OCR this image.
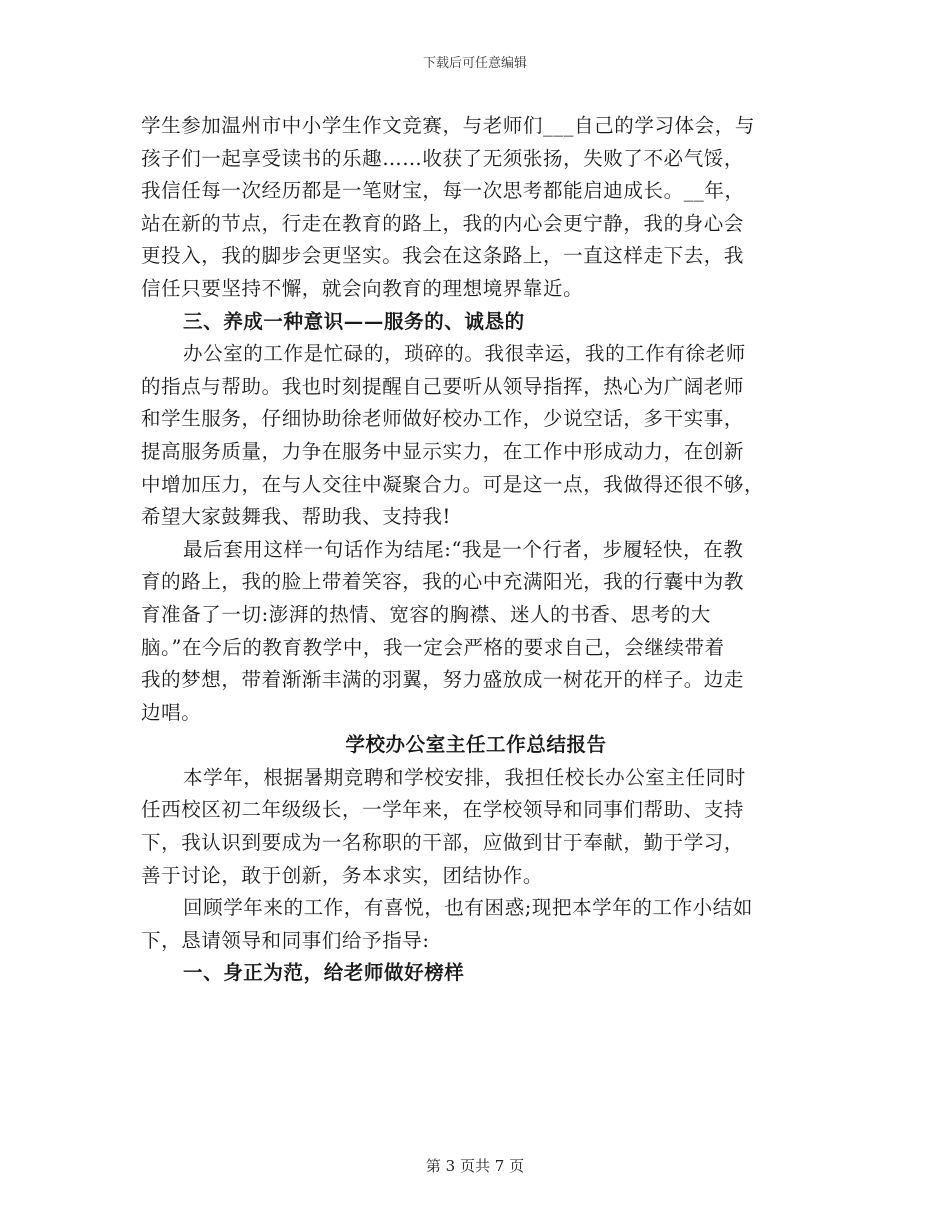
下载后可任意编辑
学生参加温州市中小学生作文竞赛，与老师们___自己的学习体会，与
孩子们一起享受读书的乐趣……收获了无须张扬，失败了不必气馁，
我信任每一次经历都是一笔财宝，每一次思考都能启迪成长。__年，
站在新的节点，行走在教育的路上，我的内心会更宁静，我的身心会
更投入，我的脚步会更坚实。我会在这条路上，一直这样走下去，我
信任只要坚持不懈，就会向教育的理想境界靠近。
三、养成一种意识——服务的、诚恳的
办公室的工作是忙碌的，琐碎的。我很幸运，我的工作有徐老师
的指点与帮助。我也时刻提醒自己要听从领导指挥，热心为广阔老师
和学生服务，仔细协助徐老师做好校办工作，少说空话，多干实事，
提高服务质量，力争在服务中显示实力，在工作中形成动力，在创新
中增加压力，在与人交往中凝聚合力。可是这一点，我做得还很不够，
希望大家鼓舞我、帮助我、支持我!
最后套用这样一句话作为结尾:“我是一个行者，步履轻快，在教
育的路上，我的脸上带着笑容，我的心中充满阳光，我的行囊中为教
育准备了一切:澎湃的热情、宽容的胸襟、迷人的书香、思考的大
脑。”在今后的教育教学中，我一定会严格的要求自己，会继续带着
我的梦想，带着渐渐丰满的羽翼，努力盛放成一树花开的样子。边走
边唱。
学校办公室主任工作总结报告
本学年，根据暑期竞聘和学校安排，我担任校长办公室主任同时
任西校区初二年级级长，一学年来，在学校领导和同事们帮助、支持
下，我认识到要成为一名称职的干部，应做到甘于奉献，勤于学习，
善于讨论，敢于创新，务本求实，团结协作。
回顾学年来的工作，有喜悦，也有困惑;现把本学年的工作小结如
下，恳请领导和同事们给予指导:
一、身正为范，给老师做好榜样
第 3 页共 7 页
